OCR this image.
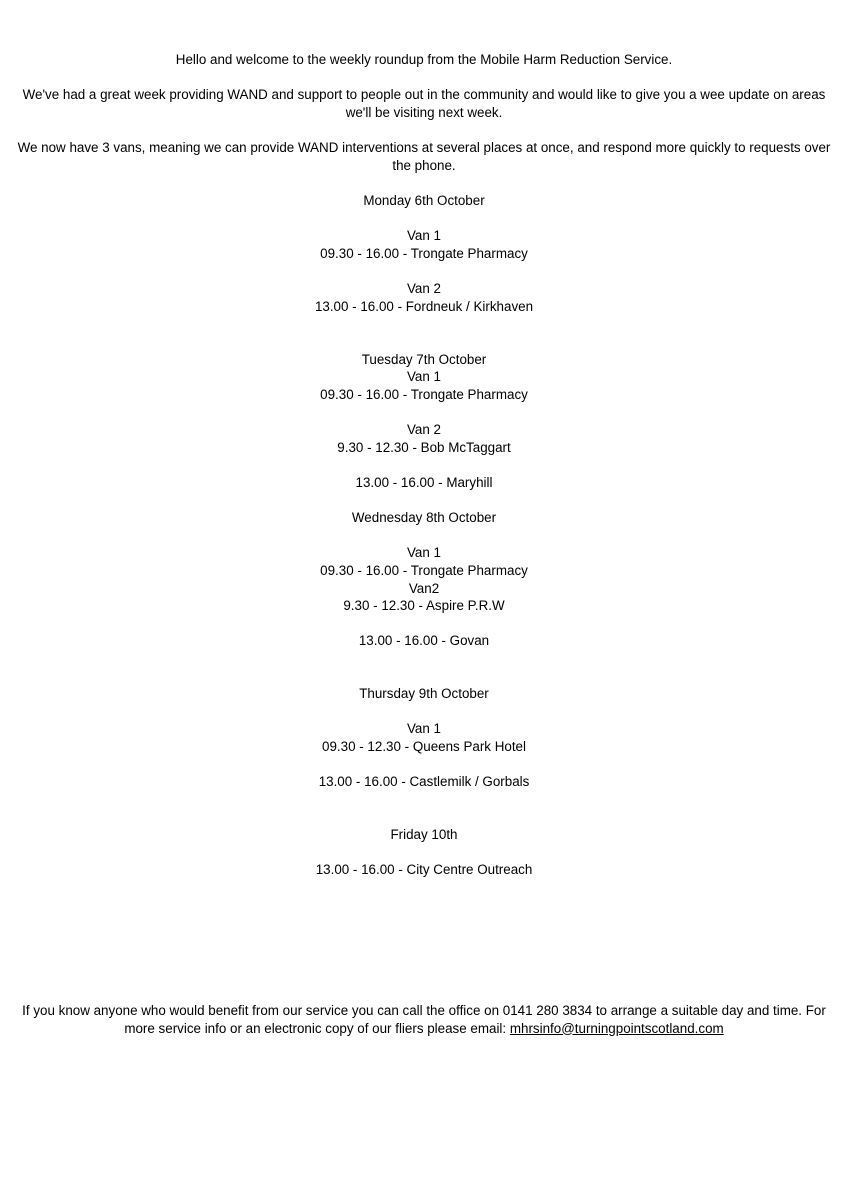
Hello and welcome to the weekly roundup from the Mobile Harm Reduction Service.
We've had a great week providing WAND and support to people out in the community and would like to give you a wee update on areas we'll be visiting next week.
We now have 3 vans, meaning we can provide WAND interventions at several places at once, and respond more quickly to requests over the phone.
Monday 6th October
Van 1
09.30 - 16.00 - Trongate Pharmacy
Van 2
13.00 - 16.00 - Fordneuk / Kirkhaven
Tuesday 7th October
Van 1
09.30 - 16.00 - Trongate Pharmacy
Van 2
9.30 - 12.30 - Bob McTaggart
13.00 - 16.00 - Maryhill
Wednesday 8th October
Van 1
09.30 - 16.00 - Trongate Pharmacy
Van2
9.30 - 12.30 - Aspire P.R.W
13.00 - 16.00 - Govan
Thursday 9th October
Van 1
09.30 - 12.30 - Queens Park Hotel
13.00 - 16.00 - Castlemilk / Gorbals
Friday 10th
13.00 - 16.00 - City Centre Outreach
If you know anyone who would benefit from our service you can call the office on 0141 280 3834 to arrange a suitable day and time. For more service info or an electronic copy of our fliers please email: mhrsinfo@turningpointscotland.com
